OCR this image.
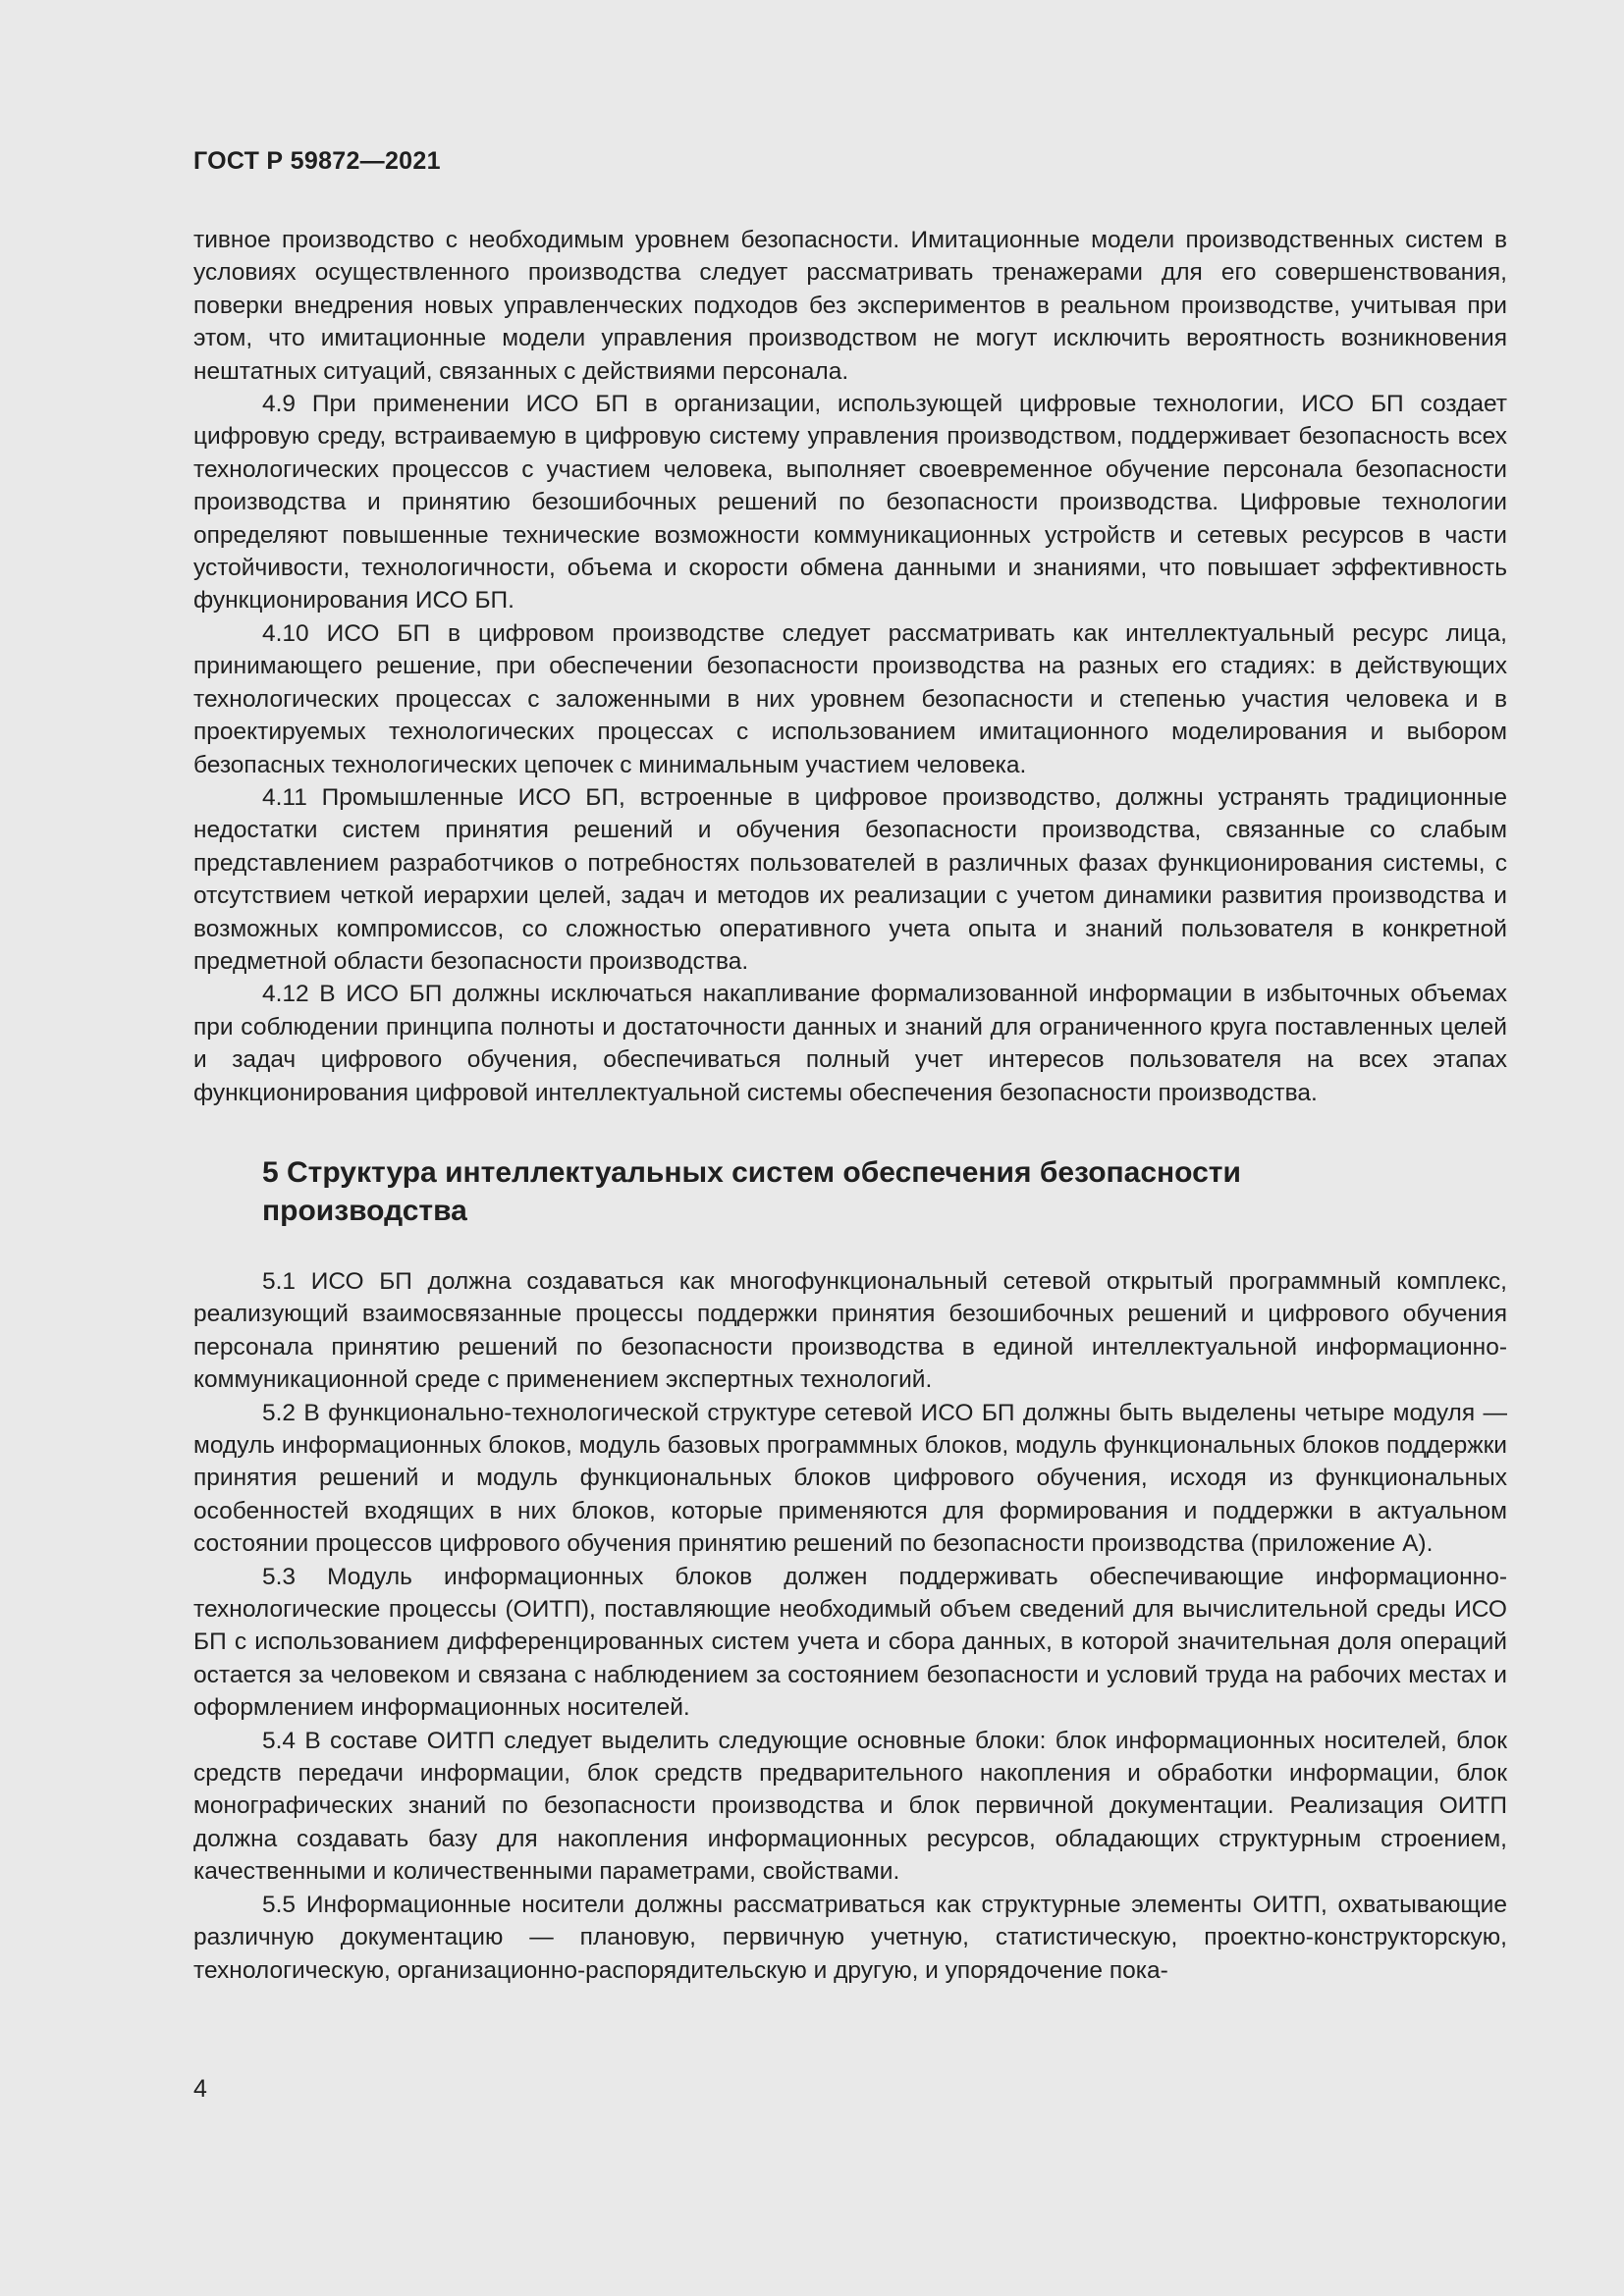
ГОСТ Р 59872—2021

тивное производство с необходимым уровнем безопасности. Имитационные модели производственных систем в условиях осуществленного производства следует рассматривать тренажерами для его совершенствования, поверки внедрения новых управленческих подходов без экспериментов в реальном производстве, учитывая при этом, что имитационные модели управления производством не могут исключить вероятность возникновения нештатных ситуаций, связанных с действиями персонала.

4.9 При применении ИСО БП в организации, использующей цифровые технологии, ИСО БП создает цифровую среду, встраиваемую в цифровую систему управления производством, поддерживает безопасность всех технологических процессов с участием человека, выполняет своевременное обучение персонала безопасности производства и принятию безошибочных решений по безопасности производства. Цифровые технологии определяют повышенные технические возможности коммуникационных устройств и сетевых ресурсов в части устойчивости, технологичности, объема и скорости обмена данными и знаниями, что повышает эффективность функционирования ИСО БП.

4.10 ИСО БП в цифровом производстве следует рассматривать как интеллектуальный ресурс лица, принимающего решение, при обеспечении безопасности производства на разных его стадиях: в действующих технологических процессах с заложенными в них уровнем безопасности и степенью участия человека и в проектируемых технологических процессах с использованием имитационного моделирования и выбором безопасных технологических цепочек с минимальным участием человека.

4.11 Промышленные ИСО БП, встроенные в цифровое производство, должны устранять традиционные недостатки систем принятия решений и обучения безопасности производства, связанные со слабым представлением разработчиков о потребностях пользователей в различных фазах функционирования системы, с отсутствием четкой иерархии целей, задач и методов их реализации с учетом динамики развития производства и возможных компромиссов, со сложностью оперативного учета опыта и знаний пользователя в конкретной предметной области безопасности производства.

4.12 В ИСО БП должны исключаться накапливание формализованной информации в избыточных объемах при соблюдении принципа полноты и достаточности данных и знаний для ограниченного круга поставленных целей и задач цифрового обучения, обеспечиваться полный учет интересов пользователя на всех этапах функционирования цифровой интеллектуальной системы обеспечения безопасности производства.

5 Структура интеллектуальных систем обеспечения безопасности производства

5.1 ИСО БП должна создаваться как многофункциональный сетевой открытый программный комплекс, реализующий взаимосвязанные процессы поддержки принятия безошибочных решений и цифрового обучения персонала принятию решений по безопасности производства в единой интеллектуальной информационно-коммуникационной среде с применением экспертных технологий.

5.2 В функционально-технологической структуре сетевой ИСО БП должны быть выделены четыре модуля — модуль информационных блоков, модуль базовых программных блоков, модуль функциональных блоков поддержки принятия решений и модуль функциональных блоков цифрового обучения, исходя из функциональных особенностей входящих в них блоков, которые применяются для формирования и поддержки в актуальном состоянии процессов цифрового обучения принятию решений по безопасности производства (приложение А).

5.3 Модуль информационных блоков должен поддерживать обеспечивающие информационно-технологические процессы (ОИТП), поставляющие необходимый объем сведений для вычислительной среды ИСО БП с использованием дифференцированных систем учета и сбора данных, в которой значительная доля операций остается за человеком и связана с наблюдением за состоянием безопасности и условий труда на рабочих местах и оформлением информационных носителей.

5.4 В составе ОИТП следует выделить следующие основные блоки: блок информационных носителей, блок средств передачи информации, блок средств предварительного накопления и обработки информации, блок монографических знаний по безопасности производства и блок первичной документации. Реализация ОИТП должна создавать базу для накопления информационных ресурсов, обладающих структурным строением, качественными и количественными параметрами, свойствами.

5.5 Информационные носители должны рассматриваться как структурные элементы ОИТП, охватывающие различную документацию — плановую, первичную учетную, статистическую, проектно-конструкторскую, технологическую, организационно-распорядительскую и другую, и упорядочение пока-

4
